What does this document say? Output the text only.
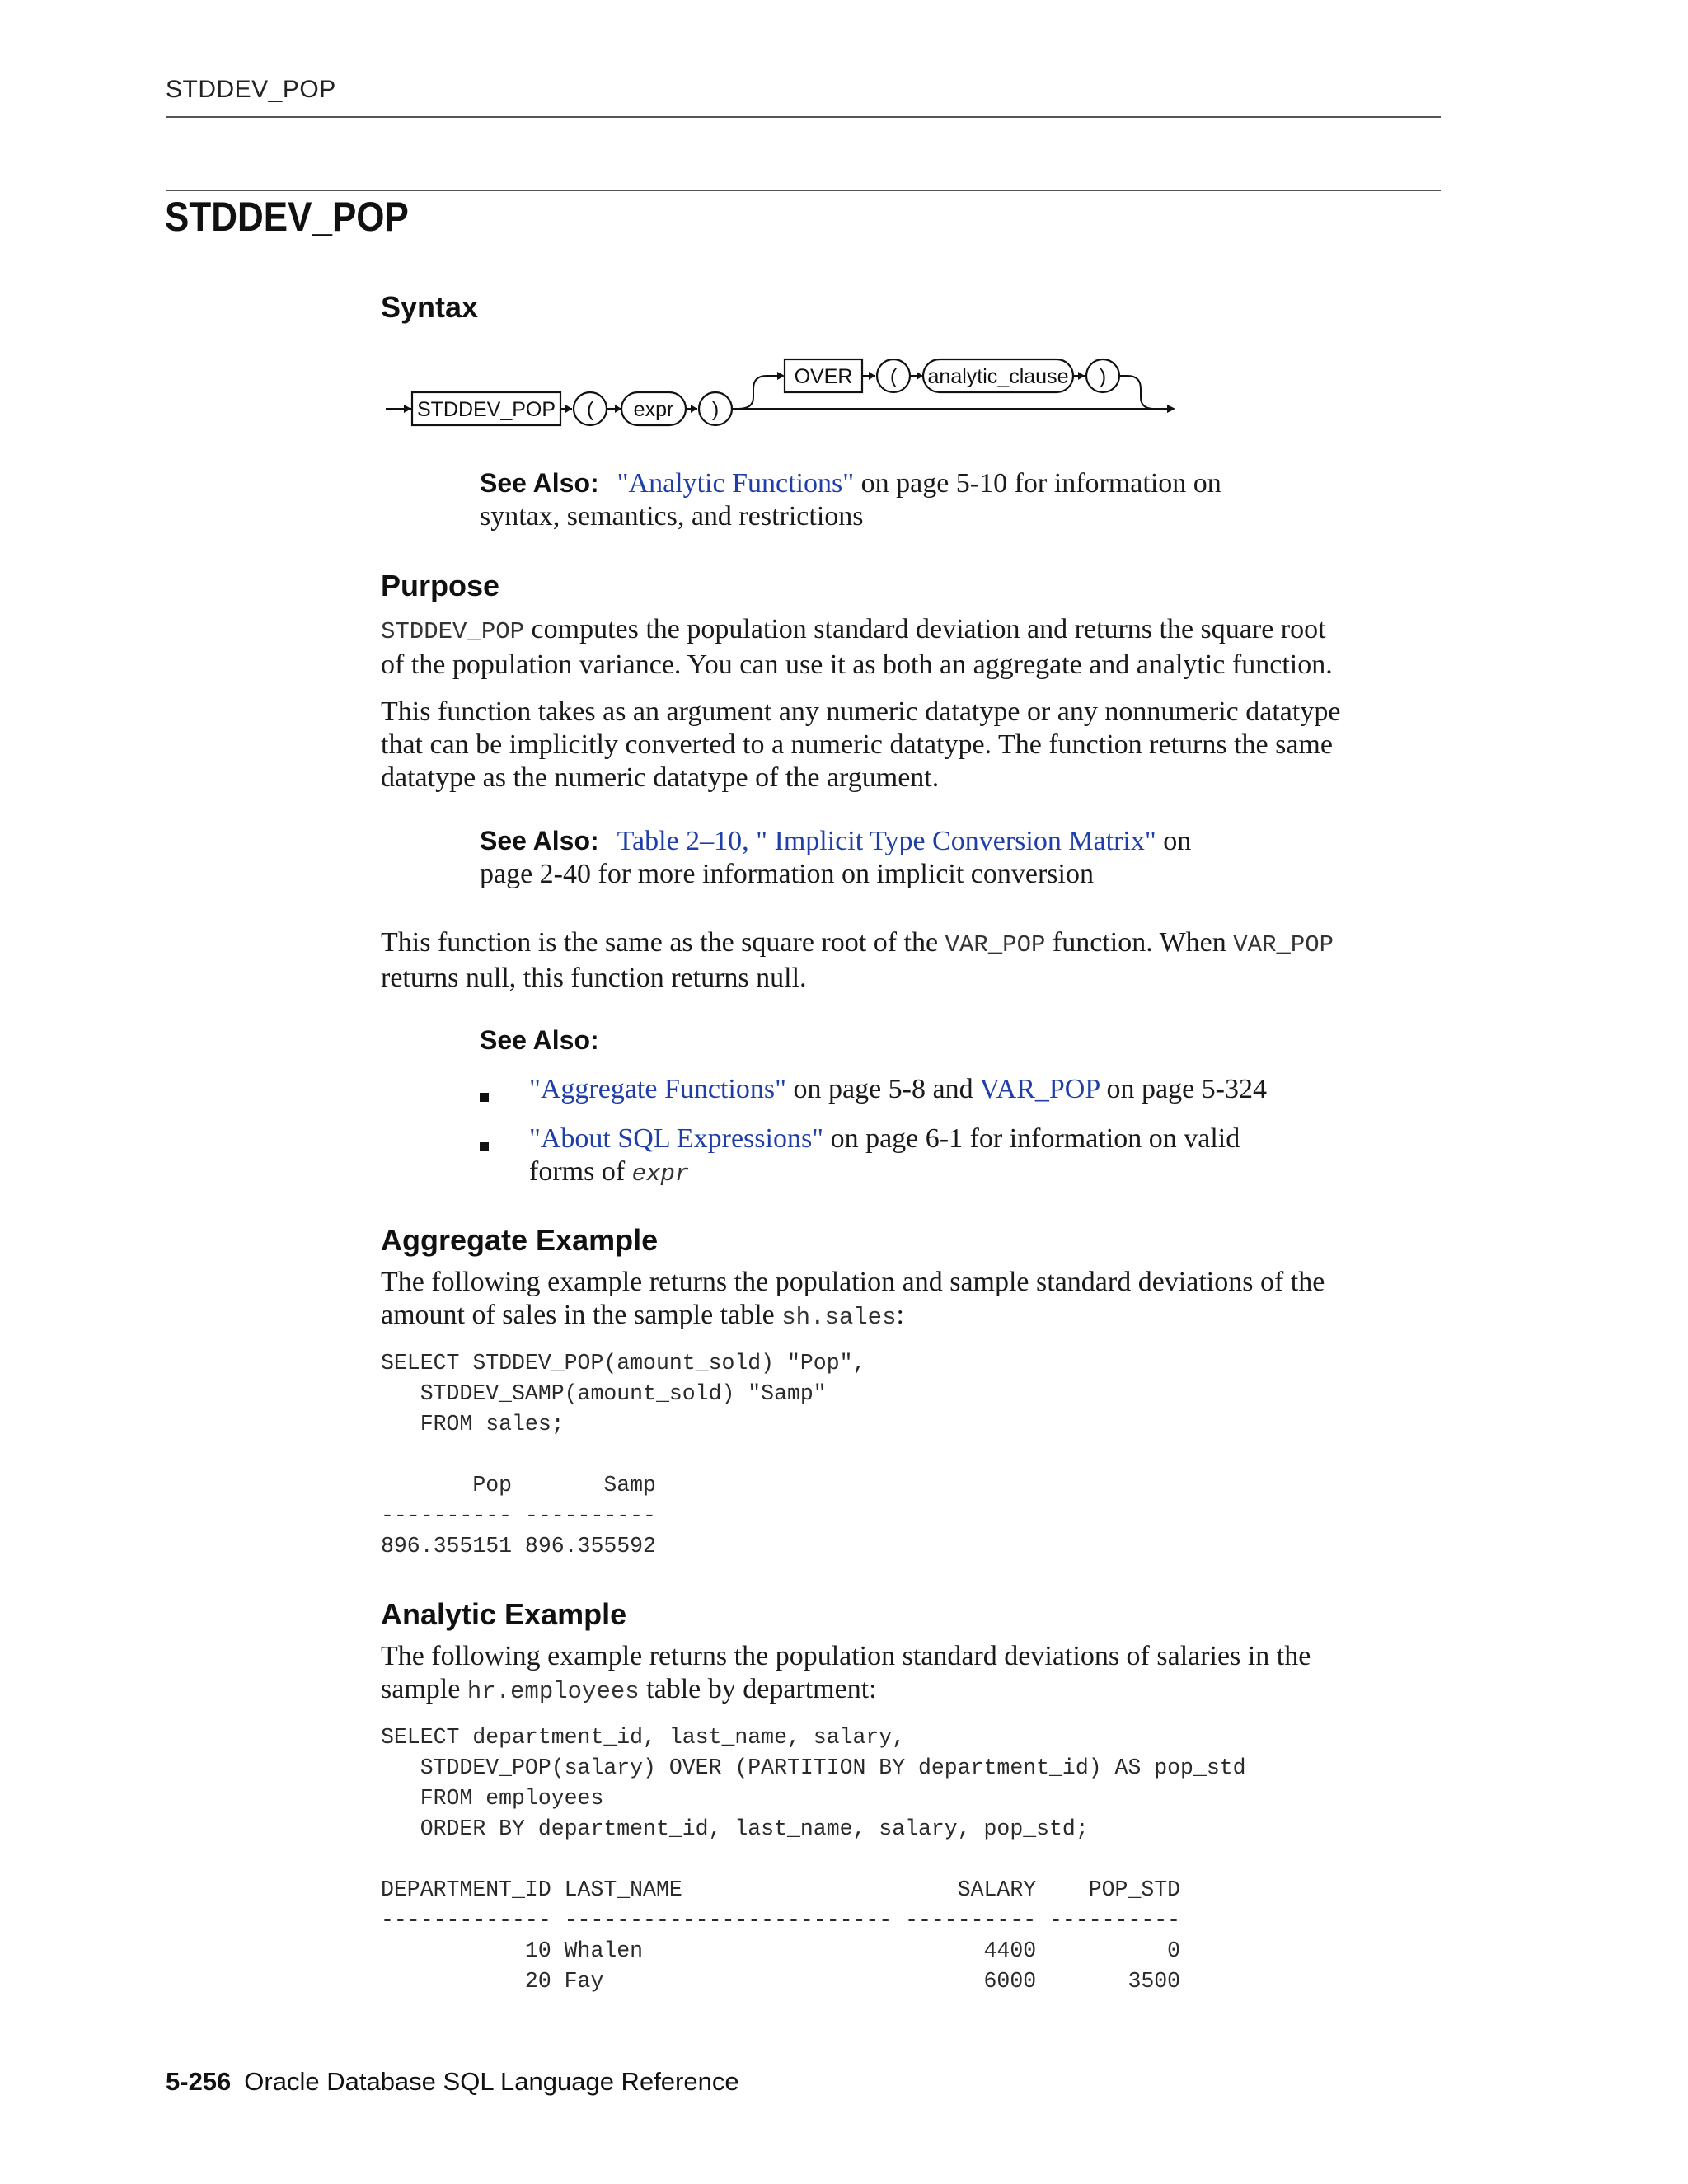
STDDEV_POP
STDDEV_POP
Syntax
STDDEV_POP ( expr )
OVER ( analytic_clause )
See Also: "Analytic Functions" on page 5-10 for information on
syntax, semantics, and restrictions
Purpose
STDDEV_POP computes the population standard deviation and returns the square root
of the population variance. You can use it as both an aggregate and analytic function.
This function takes as an argument any numeric datatype or any nonnumeric datatype
that can be implicitly converted to a numeric datatype. The function returns the same
datatype as the numeric datatype of the argument.
See Also: Table 2–10, " Implicit Type Conversion Matrix" on
page 2-40 for more information on implicit conversion
This function is the same as the square root of the VAR_POP function. When VAR_POP
returns null, this function returns null.
See Also:
"Aggregate Functions" on page 5-8 and VAR_POP on page 5-324
"About SQL Expressions" on page 6-1 for information on valid
forms of expr
Aggregate Example
The following example returns the population and sample standard deviations of the
amount of sales in the sample table sh.sales:
SELECT STDDEV_POP(amount_sold) "Pop",
STDDEV_SAMP(amount_sold) "Samp"
FROM sales;

Pop       Samp
---------- ----------
896.355151 896.355592
Analytic Example
The following example returns the population standard deviations of salaries in the
sample hr.employees table by department:
SELECT department_id, last_name, salary,
STDDEV_POP(salary) OVER (PARTITION BY department_id) AS pop_std
FROM employees
ORDER BY department_id, last_name, salary, pop_std;

DEPARTMENT_ID LAST_NAME                     SALARY    POP_STD
------------- ------------------------- ---------- ----------
10 Whalen                          4400          0
20 Fay                             6000       3500
5-256 Oracle Database SQL Language Reference
